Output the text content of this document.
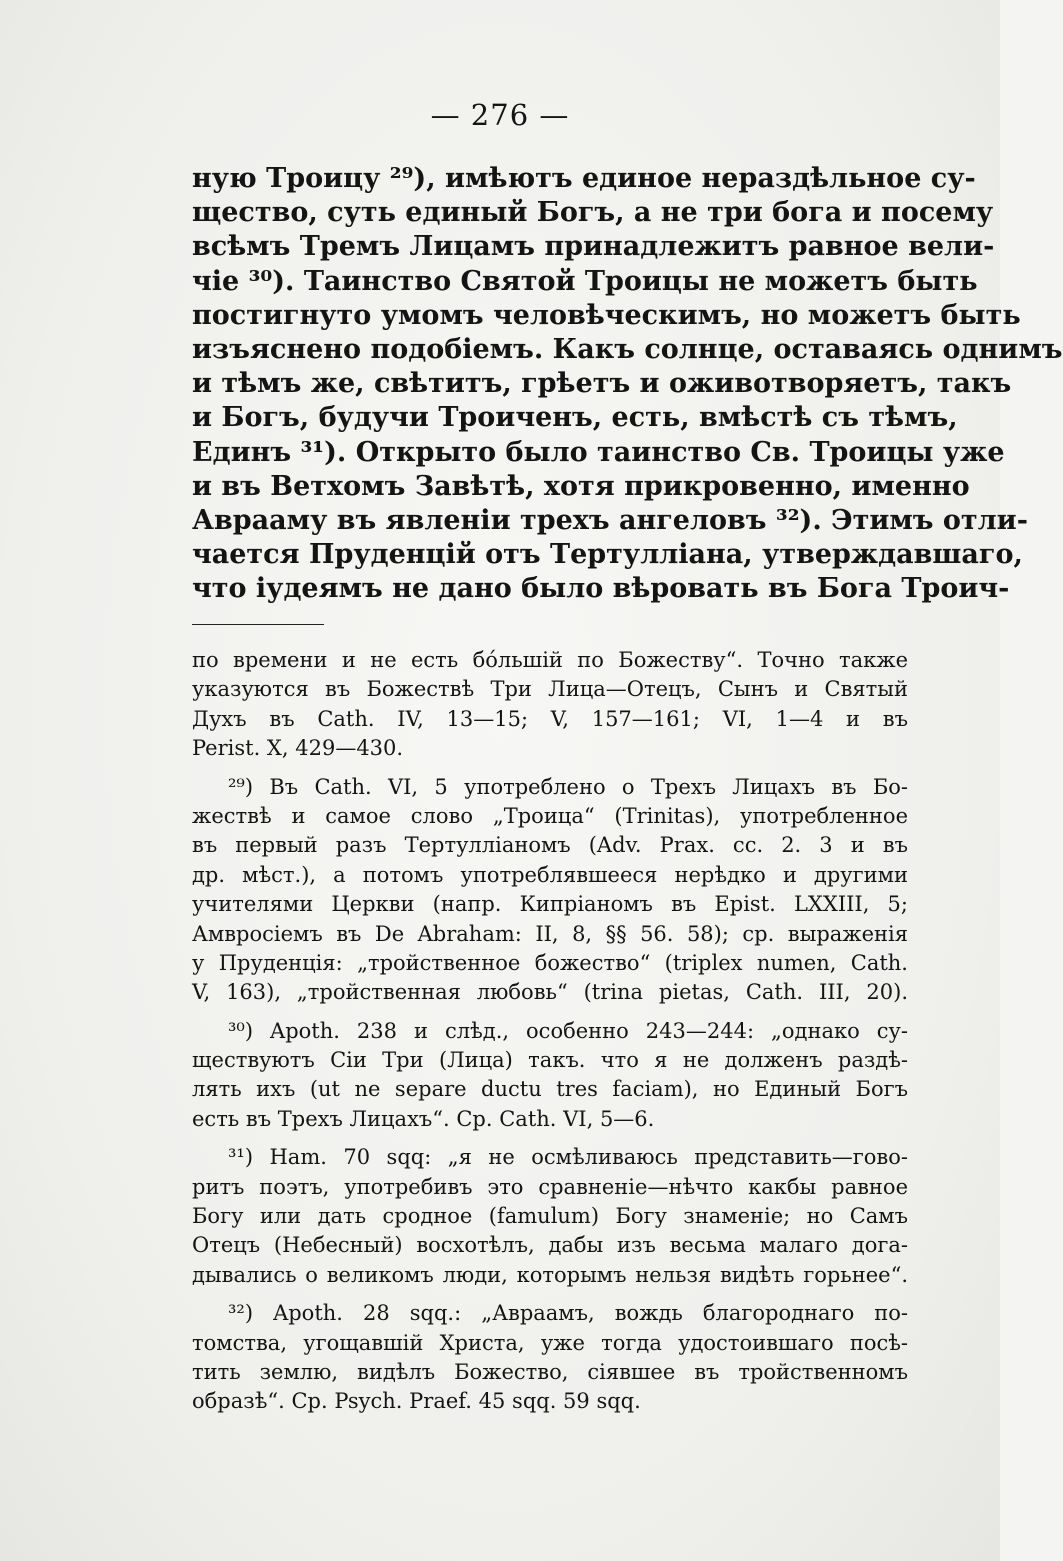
— 276 —
ную Троицу ²⁹), имѣютъ единое нераздѣльное су-
щество, суть единый Богъ, а не три бога и посему
всѣмъ Тремъ Лицамъ принадлежитъ равное вели-
чіе ³⁰). Таинство Святой Троицы не можетъ быть
постигнуто умомъ человѣческимъ, но можетъ быть
изъяснено подобіемъ. Какъ солнце, оставаясь однимъ
и тѣмъ же, свѣтитъ, грѣетъ и оживотворяетъ, такъ
и Богъ, будучи Троиченъ, есть, вмѣстѣ съ тѣмъ,
Единъ ³¹). Открыто было таинство Св. Троицы уже
и въ Ветхомъ Завѣтѣ, хотя прикровенно, именно
Аврааму въ явленіи трехъ ангеловъ ³²). Этимъ отли-
чается Пруденцій отъ Тертулліана, утверждавшаго,
что іудеямъ не дано было вѣровать въ Бога Троич-
по времени и не есть бóльшій по Божеству“. Точно также
указуются въ Божествѣ Три Лица—Отецъ, Сынъ и Святый
Духъ въ Cath. IV, 13—15; V, 157—161; VI, 1—4 и въ
Perist. X, 429—430.
²⁹) Въ Cath. VI, 5 употреблено о Трехъ Лицахъ въ Бо-
жествѣ и самое слово „Троица“ (Trinitas), употребленное
въ первый разъ Тертулліаномъ (Adv. Prax. cc. 2. 3 и въ
др. мѣст.), а потомъ употреблявшееся нерѣдко и другими
учителями Церкви (напр. Кипріаномъ въ Epist. LXXIII, 5;
Амвросіемъ въ De Abraham: II, 8, §§ 56. 58); ср. выраженія
у Пруденція: „тройственное божество“ (triplex numen, Cath.
V, 163), „тройственная любовь“ (trina pietas, Cath. III, 20).
³⁰) Apoth. 238 и слѣд., особенно 243—244: „однако су-
ществуютъ Сіи Три (Лица) такъ. что я не долженъ раздѣ-
лять ихъ (ut ne separe ductu tres faciam), но Единый Богъ
есть въ Трехъ Лицахъ“. Ср. Cath. VI, 5—6.
³¹) Ham. 70 sqq: „я не осмѣливаюсь представить—гово-
ритъ поэтъ, употребивъ это сравненіе—нѣчто какбы равное
Богу или дать сродное (famulum) Богу знаменіе; но Самъ
Отецъ (Небесный) восхотѣлъ, дабы изъ весьма малаго дога-
дывались о великомъ люди, которымъ нельзя видѣть горьнее“.
³²) Apoth. 28 sqq.: „Авраамъ, вождь благороднаго по-
томства, угощавшій Христа, уже тогда удостоившаго посѣ-
тить землю, видѣлъ Божество, сіявшее въ тройственномъ
образѣ“. Ср. Psych. Praef. 45 sqq. 59 sqq.
